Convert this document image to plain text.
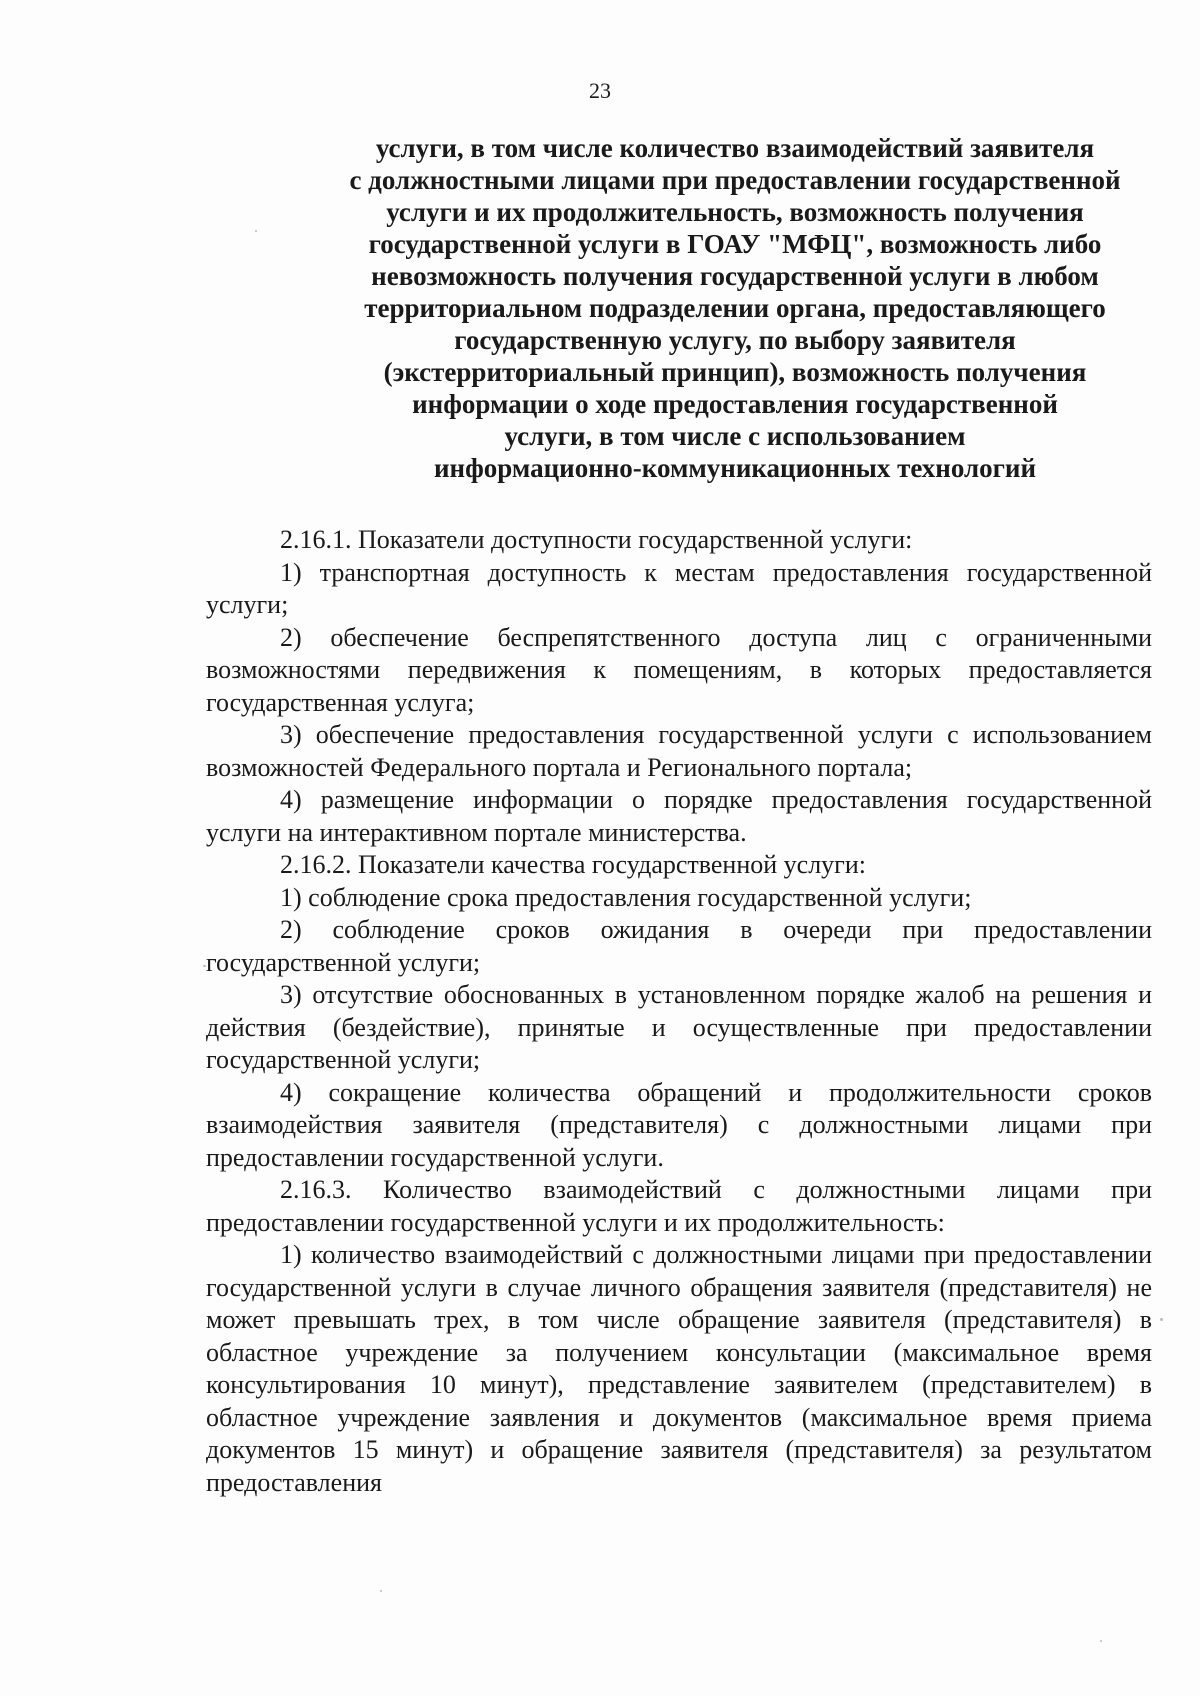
23
услуги, в том числе количество взаимодействий заявителя
с должностными лицами при предоставлении государственной
услуги и их продолжительность, возможность получения
государственной услуги в ГОАУ "МФЦ", возможность либо
невозможность получения государственной услуги в любом
территориальном подразделении органа, предоставляющего
государственную услугу, по выбору заявителя
(экстерриториальный принцип), возможность получения
информации о ходе предоставления государственной
услуги, в том числе с использованием
информационно-коммуникационных технологий

2.16.1. Показатели доступности государственной услуги:

1) транспортная доступность к местам предоставления государственной услуги;

2) обеспечение беспрепятственного доступа лиц с ограниченными возможностями передвижения к помещениям, в которых предоставляется государственная услуга;

3) обеспечение предоставления государственной услуги с использованием возможностей Федерального портала и Регионального портала;

4) размещение информации о порядке предоставления государственной услуги на интерактивном портале министерства.

2.16.2. Показатели качества государственной услуги:

1) соблюдение срока предоставления государственной услуги;

2) соблюдение сроков ожидания в очереди при предоставлении государственной услуги;

3) отсутствие обоснованных в установленном порядке жалоб на решения и действия (бездействие), принятые и осуществленные при предоставлении государственной услуги;

4) сокращение количества обращений и продолжительности сроков взаимодействия заявителя (представителя) с должностными лицами при предоставлении государственной услуги.

2.16.3. Количество взаимодействий с должностными лицами при предоставлении государственной услуги и их продолжительность:

1) количество взаимодействий с должностными лицами при предоставлении государственной услуги в случае личного обращения заявителя (представителя) не может превышать трех, в том числе обращение заявителя (представителя) в областное учреждение за получением консультации (максимальное время консультирования 10 минут), представление заявителем (представителем) в областное учреждение заявления и документов (максимальное время приема документов 15 минут) и обращение заявителя (представителя) за результатом предоставления
